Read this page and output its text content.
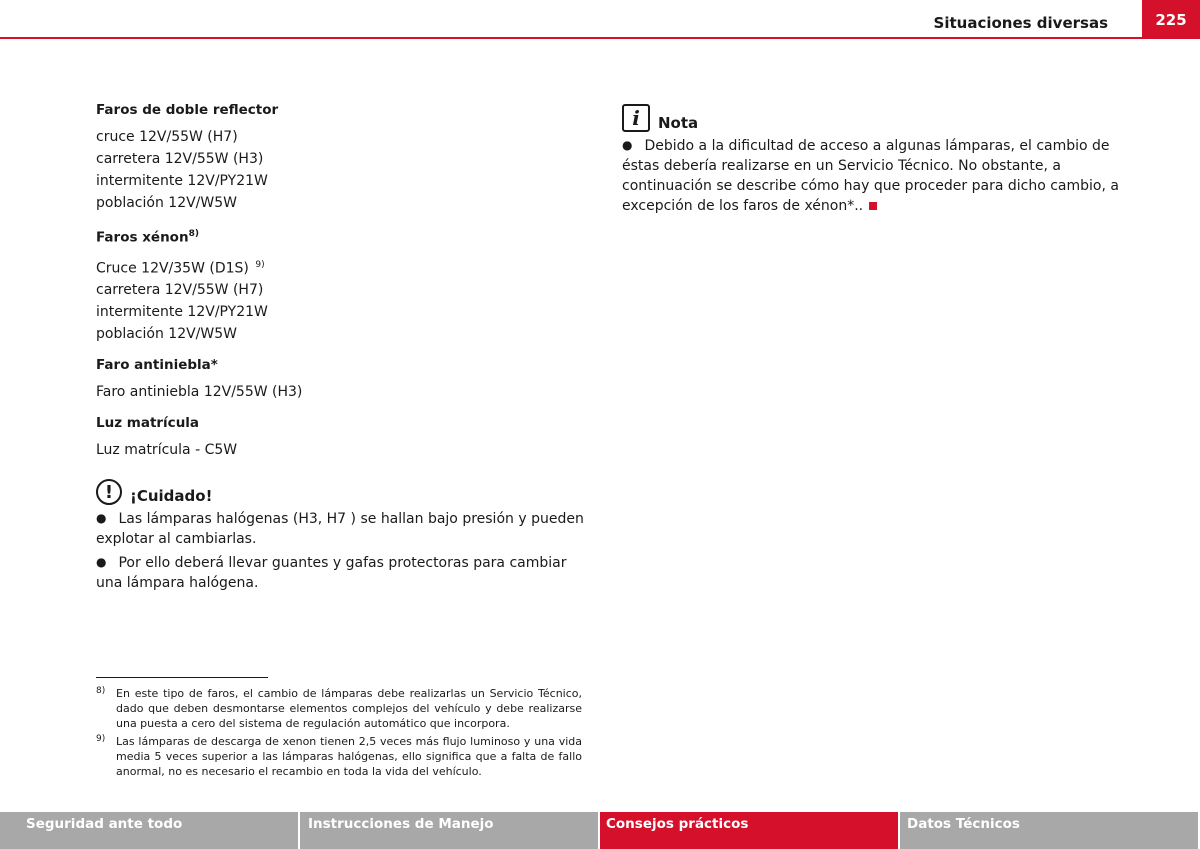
Situaciones diversas	225

Faros de doble reflector

cruce 12V/55W (H7)

carretera 12V/55W (H3)

intermitente 12V/PY21W

población 12V/W5W

Faros xénon$^{8)}$

Cruce 12V/35W (D1S) $^{9)}$

carretera 12V/55W (H7)

intermitente 12V/PY21W

población 12V/W5W

Faro antiniebla*

Faro antiniebla 12V/55W (H3)

Luz matrícula

Luz matrícula - C5W

!	¡Cuidado!

● Las lámparas halógenas (H3, H7 ) se hallan bajo presión y pueden explotar al cambiarlas.

● Por ello deberá llevar guantes y gafas protectoras para cambiar una lámpara halógena.

i	Nota

● Debido a la dificultad de acceso a algunas lámparas, el cambio de éstas debería realizarse en un Servicio Técnico. No obstante, a continuación se describe cómo hay que proceder para dicho cambio, a excepción de los faros de xénon*..

8) En este tipo de faros, el cambio de lámparas debe realizarlas un Servicio Técnico, dado que deben desmontarse elementos complejos del vehículo y debe realizarse una puesta a cero del sistema de regulación automático que incorpora.
9) Las lámparas de descarga de xenon tienen 2,5 veces más flujo luminoso y una vida media 5 veces superior a las lámparas halógenas, ello significa que a falta de fallo anormal, no es necesario el recambio en toda la vida del vehículo.
Seguridad ante todo	Instrucciones de Manejo	Consejos prácticos	Datos Técnicos
